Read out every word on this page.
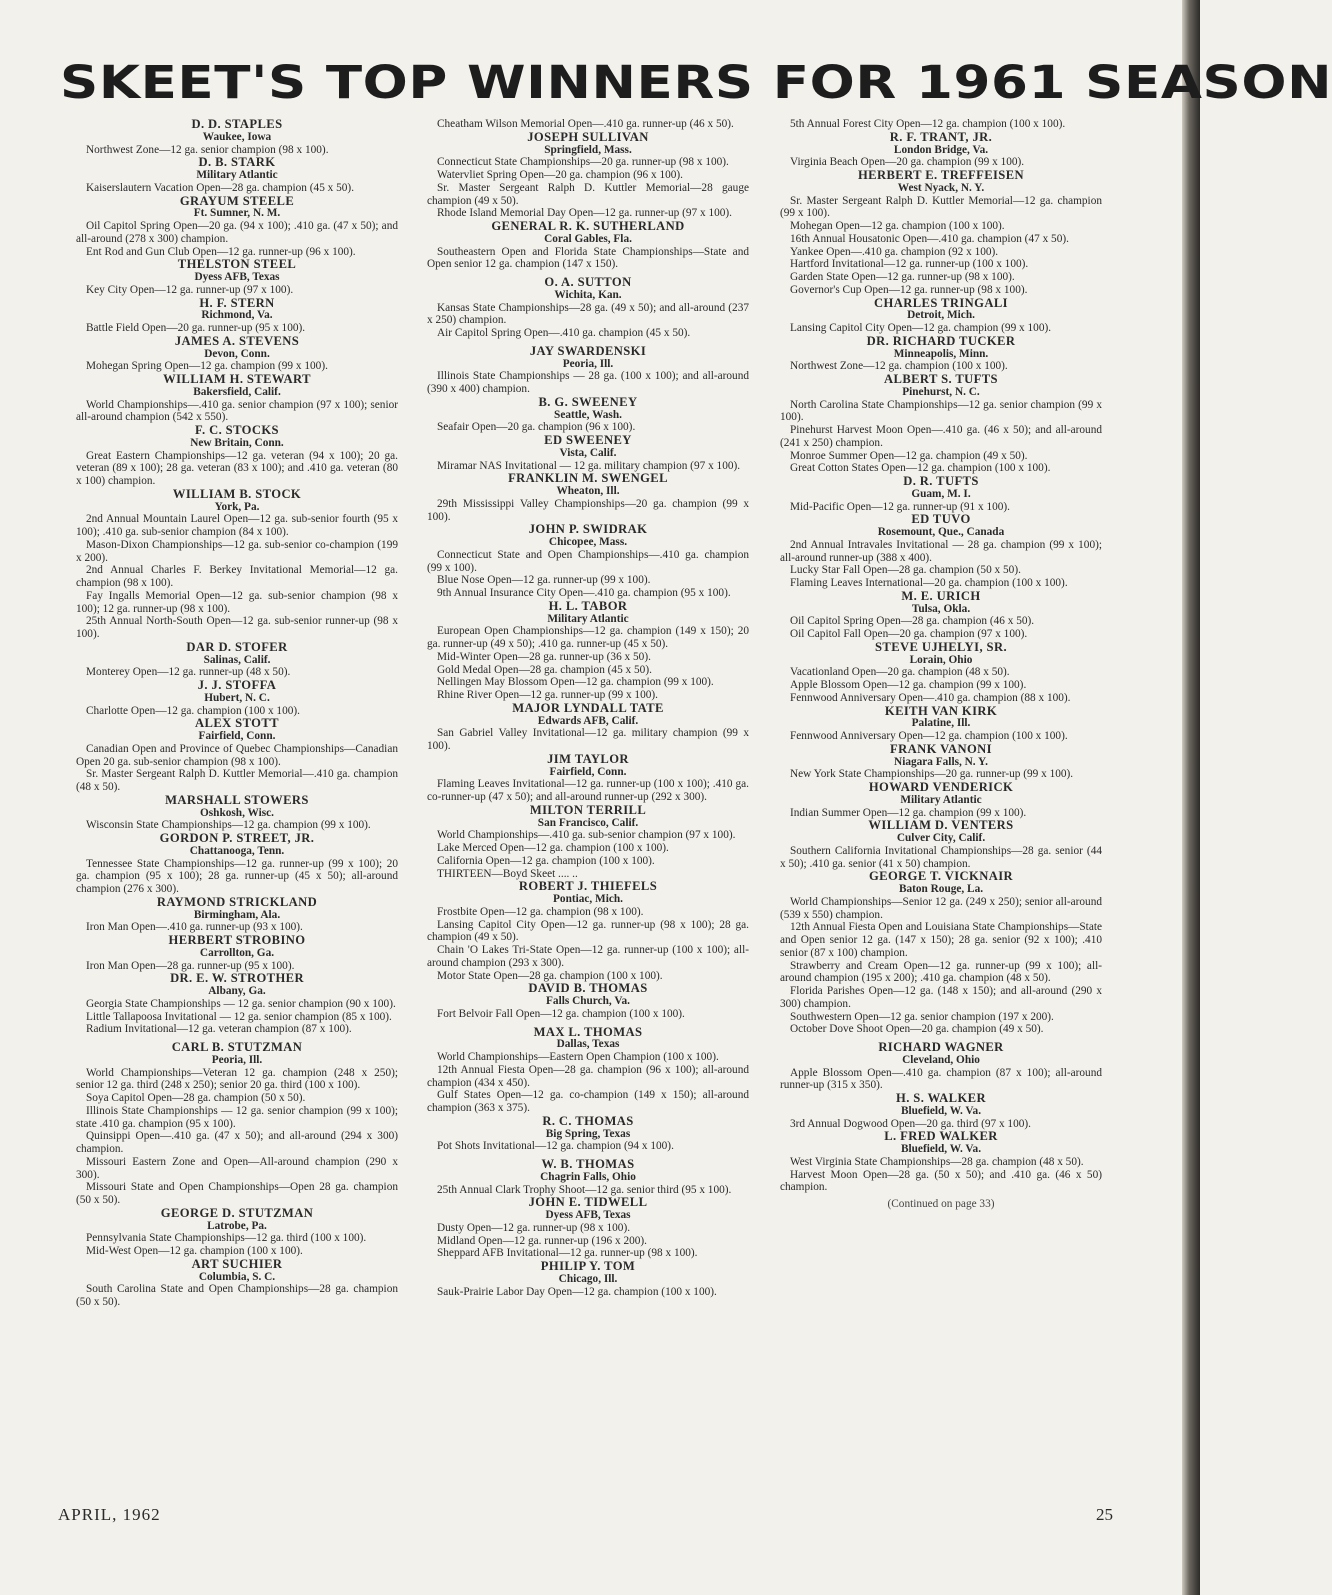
SKEET'S TOP WINNERS FOR 1961 SEASON

D. D. STAPLES

Waukee, Iowa

Northwest Zone—12 ga. senior champion (98 x 100).

D. B. STARK

Military Atlantic

Kaiserslautern Vacation Open—28 ga. champion (45 x 50).

GRAYUM STEELE

Ft. Sumner, N. M.

Oil Capitol Spring Open—20 ga. (94 x 100); .410 ga. (47 x 50); and all-around (278 x 300) champion.

Ent Rod and Gun Club Open—12 ga. runner-up (96 x 100).

THELSTON STEEL

Dyess AFB, Texas

Key City Open—12 ga. runner-up (97 x 100).

H. F. STERN

Richmond, Va.

Battle Field Open—20 ga. runner-up (95 x 100).

JAMES A. STEVENS

Devon, Conn.

Mohegan Spring Open—12 ga. champion (99 x 100).

WILLIAM H. STEWART

Bakersfield, Calif.

World Championships—.410 ga. senior champion (97 x 100); senior all-around champion (542 x 550).

F. C. STOCKS

New Britain, Conn.

Great Eastern Championships—12 ga. veteran (94 x 100); 20 ga. veteran (89 x 100); 28 ga. veteran (83 x 100); and .410 ga. veteran (80 x 100) champion.

WILLIAM B. STOCK

York, Pa.

2nd Annual Mountain Laurel Open—12 ga. sub-senior fourth (95 x 100); .410 ga. sub-senior champion (84 x 100).

Mason-Dixon Championships—12 ga. sub-senior co-champion (199 x 200).

2nd Annual Charles F. Berkey Invitational Memorial—12 ga. champion (98 x 100).

Fay Ingalls Memorial Open—12 ga. sub-senior champion (98 x 100); 12 ga. runner-up (98 x 100).

25th Annual North-South Open—12 ga. sub-senior runner-up (98 x 100).

DAR D. STOFER

Salinas, Calif.

Monterey Open—12 ga. runner-up (48 x 50).

J. J. STOFFA

Hubert, N. C.

Charlotte Open—12 ga. champion (100 x 100).

ALEX STOTT

Fairfield, Conn.

Canadian Open and Province of Quebec Championships—Canadian Open 20 ga. sub-senior champion (98 x 100).

Sr. Master Sergeant Ralph D. Kuttler Memorial—.410 ga. champion (48 x 50).

MARSHALL STOWERS

Oshkosh, Wisc.

Wisconsin State Championships—12 ga. champion (99 x 100).

GORDON P. STREET, JR.

Chattanooga, Tenn.

Tennessee State Championships—12 ga. runner-up (99 x 100); 20 ga. champion (95 x 100); 28 ga. runner-up (45 x 50); all-around champion (276 x 300).

RAYMOND STRICKLAND

Birmingham, Ala.

Iron Man Open—.410 ga. runner-up (93 x 100).

HERBERT STROBINO

Carrollton, Ga.

Iron Man Open—28 ga. runner-up (95 x 100).

DR. E. W. STROTHER

Albany, Ga.

Georgia State Championships — 12 ga. senior champion (90 x 100).

Little Tallapoosa Invitational — 12 ga. senior champion (85 x 100).

Radium Invitational—12 ga. veteran champion (87 x 100).

CARL B. STUTZMAN

Peoria, Ill.

World Championships—Veteran 12 ga. champion (248 x 250); senior 12 ga. third (248 x 250); senior 20 ga. third (100 x 100).

Soya Capitol Open—28 ga. champion (50 x 50).

Illinois State Championships — 12 ga. senior champion (99 x 100); state .410 ga. champion (95 x 100).

Quinsippi Open—.410 ga. (47 x 50); and all-around (294 x 300) champion.

Missouri Eastern Zone and Open—All-around champion (290 x 300).

Missouri State and Open Championships—Open 28 ga. champion (50 x 50).

GEORGE D. STUTZMAN

Latrobe, Pa.

Pennsylvania State Championships—12 ga. third (100 x 100).

Mid-West Open—12 ga. champion (100 x 100).

ART SUCHIER

Columbia, S. C.

South Carolina State and Open Championships—28 ga. champion (50 x 50).

Cheatham Wilson Memorial Open—.410 ga. runner-up (46 x 50).

JOSEPH SULLIVAN

Springfield, Mass.

Connecticut State Championships—20 ga. runner-up (98 x 100).

Watervliet Spring Open—20 ga. champion (96 x 100).

Sr. Master Sergeant Ralph D. Kuttler Memorial—28 gauge champion (49 x 50).

Rhode Island Memorial Day Open—12 ga. runner-up (97 x 100).

GENERAL R. K. SUTHERLAND

Coral Gables, Fla.

Southeastern Open and Florida State Championships—State and Open senior 12 ga. champion (147 x 150).

O. A. SUTTON

Wichita, Kan.

Kansas State Championships—28 ga. (49 x 50); and all-around (237 x 250) champion.

Air Capitol Spring Open—.410 ga. champion (45 x 50).

JAY SWARDENSKI

Peoria, Ill.

Illinois State Championships — 28 ga. (100 x 100); and all-around (390 x 400) champion.

B. G. SWEENEY

Seattle, Wash.

Seafair Open—20 ga. champion (96 x 100).

ED SWEENEY

Vista, Calif.

Miramar NAS Invitational — 12 ga. military champion (97 x 100).

FRANKLIN M. SWENGEL

Wheaton, Ill.

29th Mississippi Valley Championships—20 ga. champion (99 x 100).

JOHN P. SWIDRAK

Chicopee, Mass.

Connecticut State and Open Championships—.410 ga. champion (99 x 100).

Blue Nose Open—12 ga. runner-up (99 x 100).

9th Annual Insurance City Open—.410 ga. champion (95 x 100).

H. L. TABOR

Military Atlantic

European Open Championships—12 ga. champion (149 x 150); 20 ga. runner-up (49 x 50); .410 ga. runner-up (45 x 50).

Mid-Winter Open—28 ga. runner-up (36 x 50).

Gold Medal Open—28 ga. champion (45 x 50).

Nellingen May Blossom Open—12 ga. champion (99 x 100).

Rhine River Open—12 ga. runner-up (99 x 100).

MAJOR LYNDALL TATE

Edwards AFB, Calif.

San Gabriel Valley Invitational—12 ga. military champion (99 x 100).

JIM TAYLOR

Fairfield, Conn.

Flaming Leaves Invitational—12 ga. runner-up (100 x 100); .410 ga. co-runner-up (47 x 50); and all-around runner-up (292 x 300).

MILTON TERRILL

San Francisco, Calif.

World Championships—.410 ga. sub-senior champion (97 x 100).

Lake Merced Open—12 ga. champion (100 x 100).

California Open—12 ga. champion (100 x 100).

THIRTEEN—Boyd Skeet .... ..

ROBERT J. THIEFELS

Pontiac, Mich.

Frostbite Open—12 ga. champion (98 x 100).

Lansing Capitol City Open—12 ga. runner-up (98 x 100); 28 ga. champion (49 x 50).

Chain 'O Lakes Tri-State Open—12 ga. runner-up (100 x 100); all-around champion (293 x 300).

Motor State Open—28 ga. champion (100 x 100).

DAVID B. THOMAS

Falls Church, Va.

Fort Belvoir Fall Open—12 ga. champion (100 x 100).

MAX L. THOMAS

Dallas, Texas

World Championships—Eastern Open Champion (100 x 100).

12th Annual Fiesta Open—28 ga. champion (96 x 100); all-around champion (434 x 450).

Gulf States Open—12 ga. co-champion (149 x 150); all-around champion (363 x 375).

R. C. THOMAS

Big Spring, Texas

Pot Shots Invitational—12 ga. champion (94 x 100).

W. B. THOMAS

Chagrin Falls, Ohio

25th Annual Clark Trophy Shoot—12 ga. senior third (95 x 100).

JOHN E. TIDWELL

Dyess AFB, Texas

Dusty Open—12 ga. runner-up (98 x 100).

Midland Open—12 ga. runner-up (196 x 200).

Sheppard AFB Invitational—12 ga. runner-up (98 x 100).

PHILIP Y. TOM

Chicago, Ill.

Sauk-Prairie Labor Day Open—12 ga. champion (100 x 100).

5th Annual Forest City Open—12 ga. champion (100 x 100).

R. F. TRANT, JR.

London Bridge, Va.

Virginia Beach Open—20 ga. champion (99 x 100).

HERBERT E. TREFFEISEN

West Nyack, N. Y.

Sr. Master Sergeant Ralph D. Kuttler Memorial—12 ga. champion (99 x 100).

Mohegan Open—12 ga. champion (100 x 100).

16th Annual Housatonic Open—.410 ga. champion (47 x 50).

Yankee Open—.410 ga. champion (92 x 100).

Hartford Invitational—12 ga. runner-up (100 x 100).

Garden State Open—12 ga. runner-up (98 x 100).

Governor's Cup Open—12 ga. runner-up (98 x 100).

CHARLES TRINGALI

Detroit, Mich.

Lansing Capitol City Open—12 ga. champion (99 x 100).

DR. RICHARD TUCKER

Minneapolis, Minn.

Northwest Zone—12 ga. champion (100 x 100).

ALBERT S. TUFTS

Pinehurst, N. C.

North Carolina State Championships—12 ga. senior champion (99 x 100).

Pinehurst Harvest Moon Open—.410 ga. (46 x 50); and all-around (241 x 250) champion.

Monroe Summer Open—12 ga. champion (49 x 50).

Great Cotton States Open—12 ga. champion (100 x 100).

D. R. TUFTS

Guam, M. I.

Mid-Pacific Open—12 ga. runner-up (91 x 100).

ED TUVO

Rosemount, Que., Canada

2nd Annual Intravales Invitational — 28 ga. champion (99 x 100); all-around runner-up (388 x 400).

Lucky Star Fall Open—28 ga. champion (50 x 50).

Flaming Leaves International—20 ga. champion (100 x 100).

M. E. URICH

Tulsa, Okla.

Oil Capitol Spring Open—28 ga. champion (46 x 50).

Oil Capitol Fall Open—20 ga. champion (97 x 100).

STEVE UJHELYI, SR.

Lorain, Ohio

Vacationland Open—20 ga. champion (48 x 50).

Apple Blossom Open—12 ga. champion (99 x 100).

Fennwood Anniversary Open—.410 ga. champion (88 x 100).

KEITH VAN KIRK

Palatine, Ill.

Fennwood Anniversary Open—12 ga. champion (100 x 100).

FRANK VANONI

Niagara Falls, N. Y.

New York State Championships—20 ga. runner-up (99 x 100).

HOWARD VENDERICK

Military Atlantic

Indian Summer Open—12 ga. champion (99 x 100).

WILLIAM D. VENTERS

Culver City, Calif.

Southern California Invitational Championships—28 ga. senior (44 x 50); .410 ga. senior (41 x 50) champion.

GEORGE T. VICKNAIR

Baton Rouge, La.

World Championships—Senior 12 ga. (249 x 250); senior all-around (539 x 550) champion.

12th Annual Fiesta Open and Louisiana State Championships—State and Open senior 12 ga. (147 x 150); 28 ga. senior (92 x 100); .410 senior (87 x 100) champion.

Strawberry and Cream Open—12 ga. runner-up (99 x 100); all-around champion (195 x 200); .410 ga. champion (48 x 50).

Florida Parishes Open—12 ga. (148 x 150); and all-around (290 x 300) champion.

Southwestern Open—12 ga. senior champion (197 x 200).

October Dove Shoot Open—20 ga. champion (49 x 50).

RICHARD WAGNER

Cleveland, Ohio

Apple Blossom Open—.410 ga. champion (87 x 100); all-around runner-up (315 x 350).

H. S. WALKER

Bluefield, W. Va.

3rd Annual Dogwood Open—20 ga. third (97 x 100).

L. FRED WALKER

Bluefield, W. Va.

West Virginia State Championships—28 ga. champion (48 x 50).

Harvest Moon Open—28 ga. (50 x 50); and .410 ga. (46 x 50) champion.

(Continued on page 33)

APRIL, 1962	25
